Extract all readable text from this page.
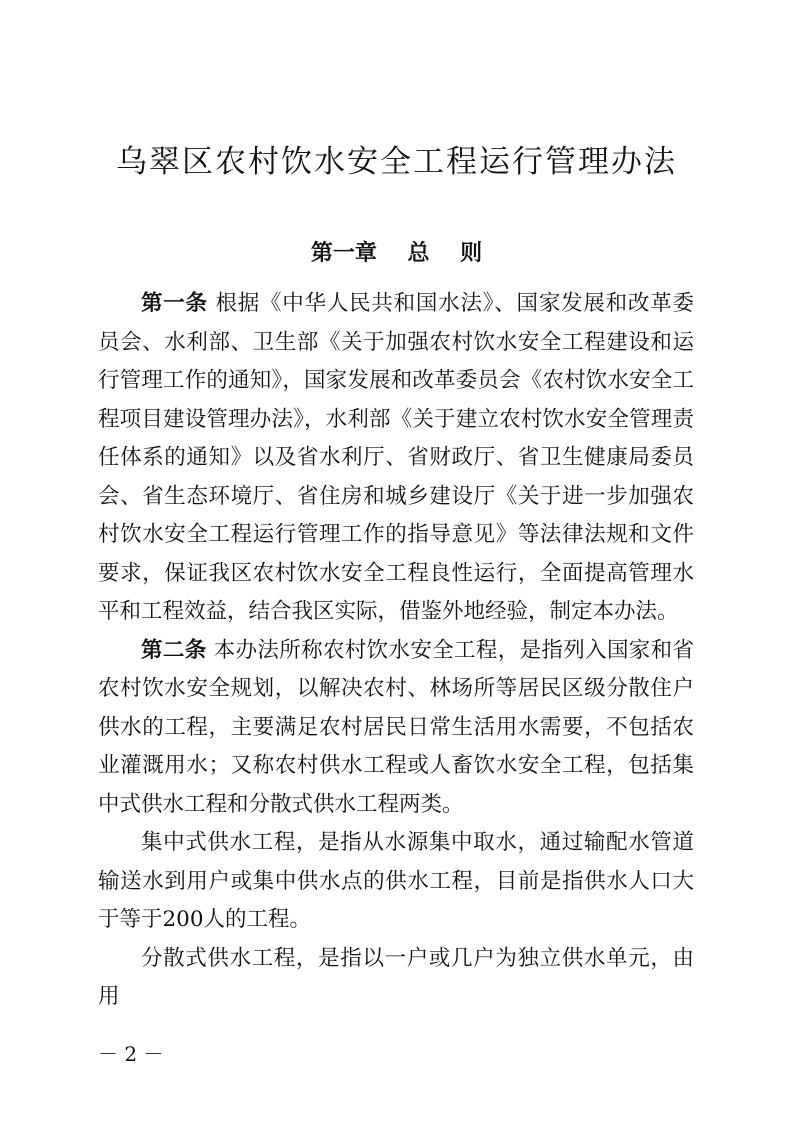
乌翠区农村饮水安全工程运行管理办法
第一章    总    则

第一条 根据《中华人民共和国水法》、国家发展和改革委员会、水利部、卫生部《关于加强农村饮水安全工程建设和运行管理工作的通知》，国家发展和改革委员会《农村饮水安全工程项目建设管理办法》，水利部《关于建立农村饮水安全管理责任体系的通知》以及省水利厅、省财政厅、省卫生健康局委员会、省生态环境厅、省住房和城乡建设厅《关于进一步加强农村饮水安全工程运行管理工作的指导意见》等法律法规和文件要求，保证我区农村饮水安全工程良性运行，全面提高管理水平和工程效益，结合我区实际，借鉴外地经验，制定本办法。

第二条 本办法所称农村饮水安全工程，是指列入国家和省农村饮水安全规划，以解决农村、林场所等居民区级分散住户供水的工程，主要满足农村居民日常生活用水需要，不包括农业灌溉用水；又称农村供水工程或人畜饮水安全工程，包括集中式供水工程和分散式供水工程两类。

集中式供水工程，是指从水源集中取水，通过输配水管道输送水到用户或集中供水点的供水工程，目前是指供水人口大于等于200人的工程。

分散式供水工程，是指以一户或几户为独立供水单元，由用

－ 2 －
